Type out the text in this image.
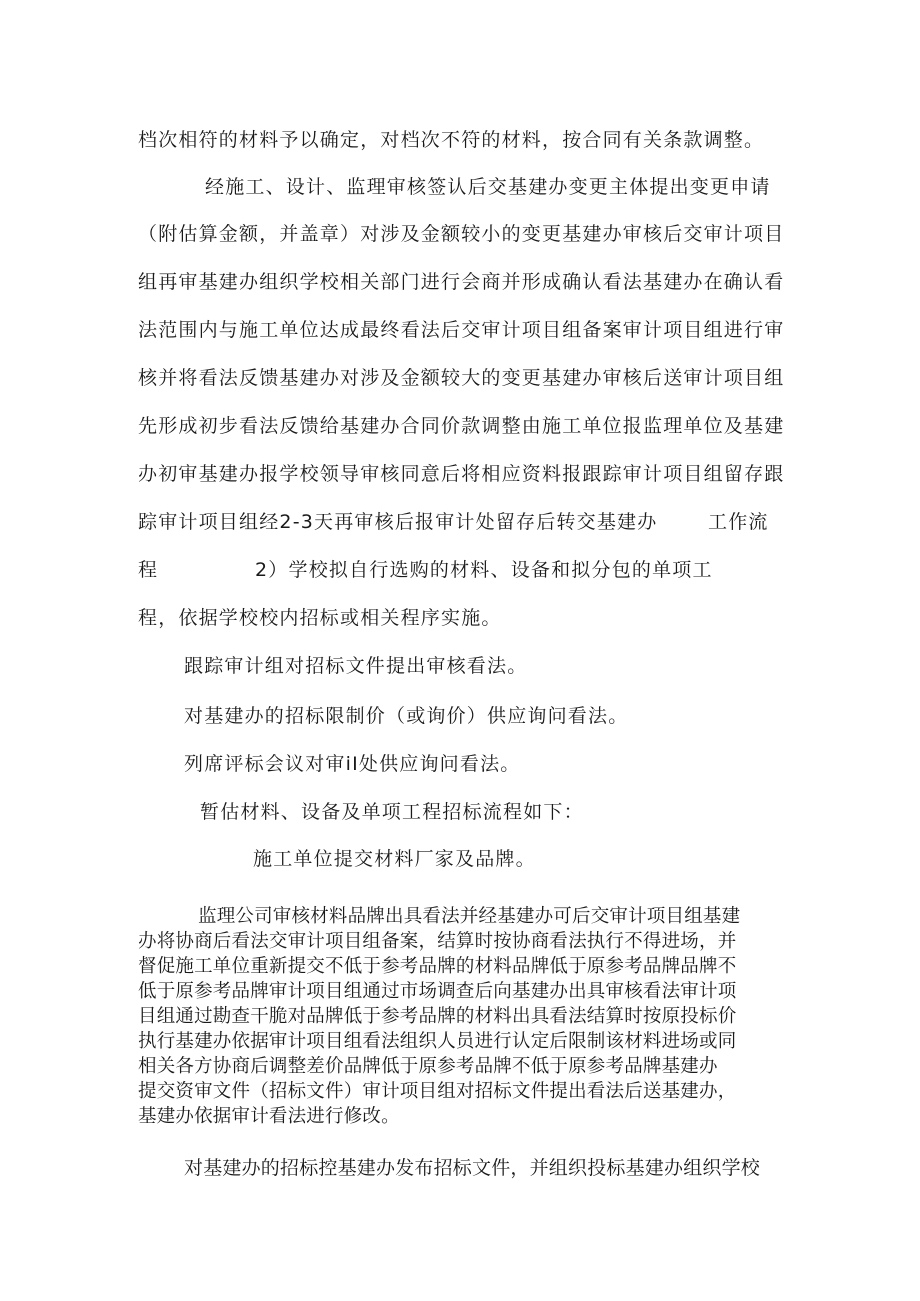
档次相符的材料予以确定，对档次不符的材料，按合同有关条款调整。

经施工、设计、监理审核签认后交基建办变更主体提出变更申请

（附估算金额，并盖章）对涉及金额较小的变更基建办审核后交审计项目

组再审基建办组织学校相关部门进行会商并形成确认看法基建办在确认看

法范围内与施工单位达成最终看法后交审计项目组备案审计项目组进行审

核并将看法反馈基建办对涉及金额较大的变更基建办审核后送审计项目组

先形成初步看法反馈给基建办合同价款调整由施工单位报监理单位及基建

办初审基建办报学校领导审核同意后将相应资料报跟踪审计项目组留存跟

踪审计项目组经2-3天再审核后报审计处留存后转交基建办	工作流

程	2）学校拟自行选购的材料、设备和拟分包的单项工

程，依据学校校内招标或相关程序实施。

跟踪审计组对招标文件提出审核看法。

对基建办的招标限制价（或询价）供应询问看法。

列席评标会议对审iI处供应询问看法。

暂估材料、设备及单项工程招标流程如下：

施工单位提交材料厂家及品牌。

监理公司审核材料品牌出具看法并经基建办可后交审计项目组基建

办将协商后看法交审计项目组备案，结算时按协商看法执行不得进场，并

督促施工单位重新提交不低于参考品牌的材料品牌低于原参考品牌品牌不

低于原参考品牌审计项目组通过市场调查后向基建办出具审核看法审计项

目组通过勘查干脆对品牌低于参考品牌的材料出具看法结算时按原投标价

执行基建办依据审计项目组看法组织人员进行认定后限制该材料进场或同

相关各方协商后调整差价品牌低于原参考品牌不低于原参考品牌基建办

提交资审文件（招标文件）审计项目组对招标文件提出看法后送基建办，

基建办依据审计看法进行修改。

对基建办的招标控基建办发布招标文件，并组织投标基建办组织学校
